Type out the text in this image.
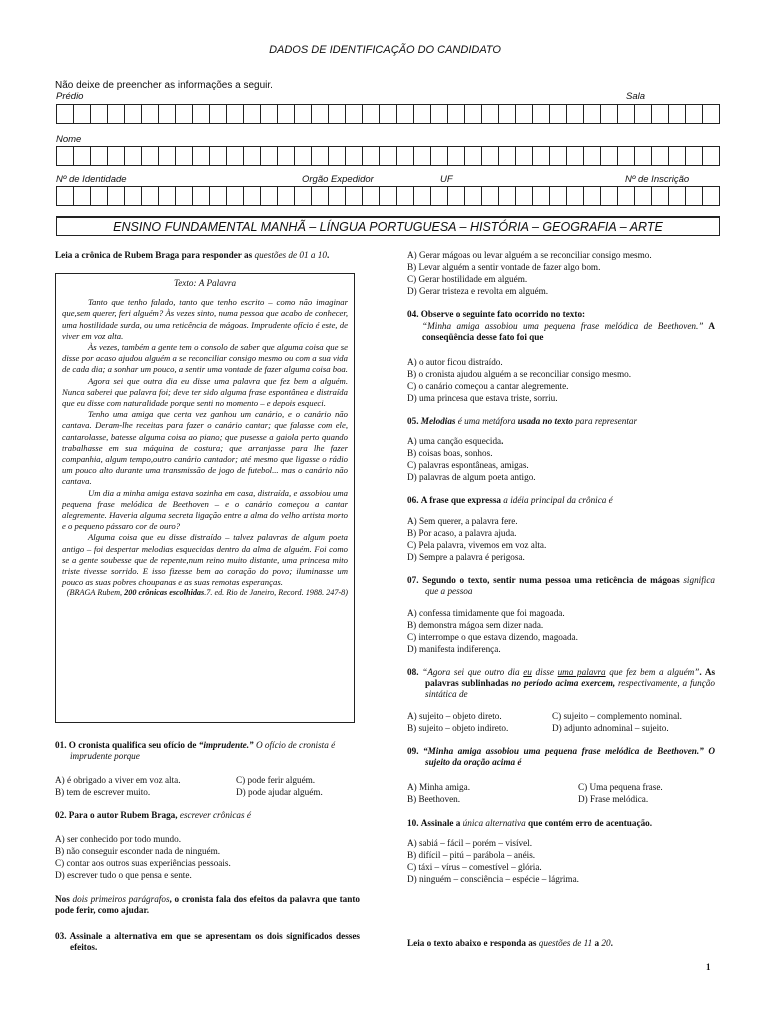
DADOS DE IDENTIFICAÇÃO DO CANDIDATO
Não deixe de preencher as informações a seguir.
Prédio	Sala
Nome
Nº de Identidade	Orgão Expedidor	UF	Nº de Inscrição
ENSINO FUNDAMENTAL MANHÃ – LÍNGUA PORTUGUESA – HISTÓRIA – GEOGRAFIA – ARTE
Leia a crônica de Rubem Braga para responder as questões de 01 a 10.
Texto: A Palavra

Tanto que tenho falado, tanto que tenho escrito – como não imaginar que,sem querer, feri alguém? Às vezes sinto, numa pessoa que acabo de conhecer, uma hostilidade surda, ou uma reticência de mágoas. Imprudente ofício é este, de viver em voz alta.

Às vezes, também a gente tem o consolo de saber que alguma coisa que se disse por acaso ajudou alguém a se reconciliar consigo mesmo ou com a sua vida de cada dia; a sonhar um pouco, a sentir uma vontade de fazer alguma coisa boa.

Agora sei que outra dia eu disse uma palavra que fez bem a alguém. Nunca saberei que palavra foi; deve ter sido alguma frase espontânea e distraída que eu disse com naturalidade porque senti no momento – e depois esqueci.

Tenho uma amiga que certa vez ganhou um canário, e o canário não cantava. Deram-lhe receitas para fazer o canário cantar; que falasse com ele, cantarolasse, batesse alguma coisa ao piano; que pusesse a gaiola perto quando trabalhasse em sua máquina de costura; que arranjasse para lhe fazer companhia, algum tempo,outro canário cantador; até mesmo que ligasse o rádio um pouco alto durante uma transmissão de jogo de futebol... mas o canário não cantava.

Um dia a minha amiga estava sozinha em casa, distraída, e assobiou uma pequena frase melódica de Beethoven – e o canário começou a cantar alegremente. Haveria alguma secreta ligação entre a alma do velho artista morto e o pequeno pássaro cor de ouro?

Alguma coisa que eu disse distraído – talvez palavras de algum poeta antigo – foi despertar melodias esquecidas dentro da alma de alguém. Foi como se a gente soubesse que de repente,num reino muito distante, uma princesa mito triste tivesse sorrido. E isso fizesse bem ao coração do povo; iluminasse um pouco as suas pobres choupanas e as suas remotas esperanças.

(BRAGA Rubem, 200 crônicas escolhidas.7. ed. Rio de Janeiro, Record. 1988. 247-8)

01. O cronista qualifica seu ofício de “imprudente.” O ofício de cronista é imprudente porque
A) é obrigado a viver em voz alta.
B) tem de escrever muito.
C) pode ferir alguém.
D) pode ajudar alguém.
02. Para o autor Rubem Braga, escrever crônicas é
A) ser conhecido por todo mundo.
B) não conseguir esconder nada de ninguém.
C) contar aos outros suas experiências pessoais.
D) escrever tudo o que pensa e sente.
Nos dois primeiros parágrafos, o cronista fala dos efeitos da palavra que tanto pode ferir, como ajudar.
03. Assinale a alternativa em que se apresentam os dois significados desses efeitos.
A) Gerar mágoas ou levar alguém a se reconciliar consigo mesmo.
B) Levar alguém a sentir vontade de fazer algo bom.
C) Gerar hostilidade em alguém.
D) Gerar tristeza e revolta em alguém.
04. Observe o seguinte fato ocorrido no texto:
“Minha amiga assobiou uma pequena frase melódica de Beethoven.” A conseqüência desse fato foi que
A) o autor ficou distraído.
B) o cronista ajudou alguém a se reconciliar consigo mesmo.
C) o canário começou a cantar alegremente.
D) uma princesa que estava triste, sorriu.
05. Melodias é uma metáfora usada no texto para representar
A) uma canção esquecida.
B) coisas boas, sonhos.
C) palavras espontâneas, amigas.
D) palavras de algum poeta antigo.
06. A frase que expressa a idéia principal da crônica é
A) Sem querer, a palavra fere.
B) Por acaso, a palavra ajuda.
C) Pela palavra, vivemos em voz alta.
D) Sempre a palavra é perigosa.
07. Segundo o texto, sentir numa pessoa uma reticência de mágoas significa que a pessoa
A) confessa timidamente que foi magoada.
B) demonstra mágoa sem dizer nada.
C) interrompe o que estava dizendo, magoada.
D) manifesta indiferença.
08. “Agora sei que outro dia eu disse uma palavra que fez bem a alguém”. As palavras sublinhadas no período acima exercem, respectivamente, a função sintática de
A) sujeito – objeto direto.
B) sujeito – objeto indireto.
C) sujeito – complemento nominal.
D) adjunto adnominal – sujeito.
09. “Minha amiga assobiou uma pequena frase melódica de Beethoven.” O sujeito da oração acima é
A) Minha amiga.
B) Beethoven.
C) Uma pequena frase.
D) Frase melódica.
10. Assinale a única alternativa que contém erro de acentuação.
A) sabiá – fácil – porém – visível.
B) difícil – pitú – parábola – anéis.
C) táxi – vírus – comestível – glória.
D) ninguém – consciência – espécie – lágrima.
Leia o texto abaixo e responda as questões de 11 a 20.
1
